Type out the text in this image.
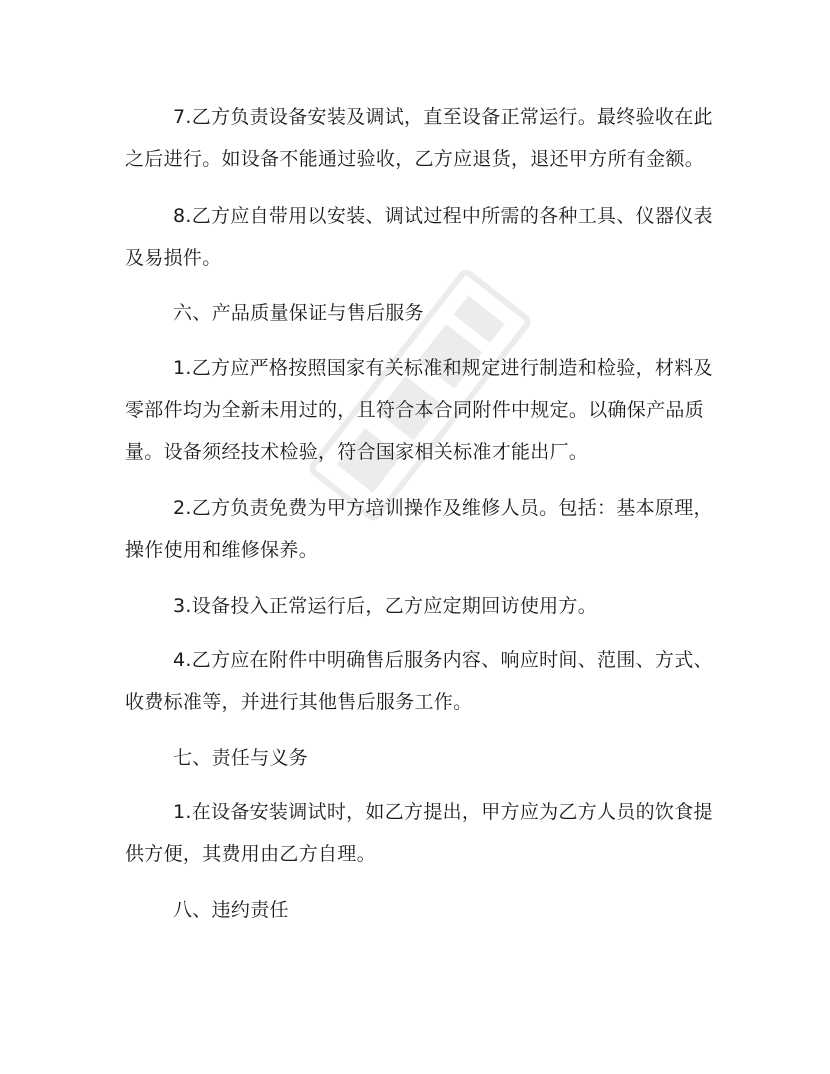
7.乙方负责设备安装及调试，直至设备正常运行。最终验收在此
之后进行。如设备不能通过验收，乙方应退货，退还甲方所有金额。

8.乙方应自带用以安装、调试过程中所需的各种工具、仪器仪表
及易损件。

六、产品质量保证与售后服务

1.乙方应严格按照国家有关标准和规定进行制造和检验，材料及
零部件均为全新未用过的，且符合本合同附件中规定。以确保产品质
量。设备须经技术检验，符合国家相关标准才能出厂。

2.乙方负责免费为甲方培训操作及维修人员。包括：基本原理，
操作使用和维修保养。

3.设备投入正常运行后，乙方应定期回访使用方。

4.乙方应在附件中明确售后服务内容、响应时间、范围、方式、
收费标准等，并进行其他售后服务工作。

七、责任与义务

1.在设备安装调试时，如乙方提出，甲方应为乙方人员的饮食提
供方便，其费用由乙方自理。

八、违约责任
